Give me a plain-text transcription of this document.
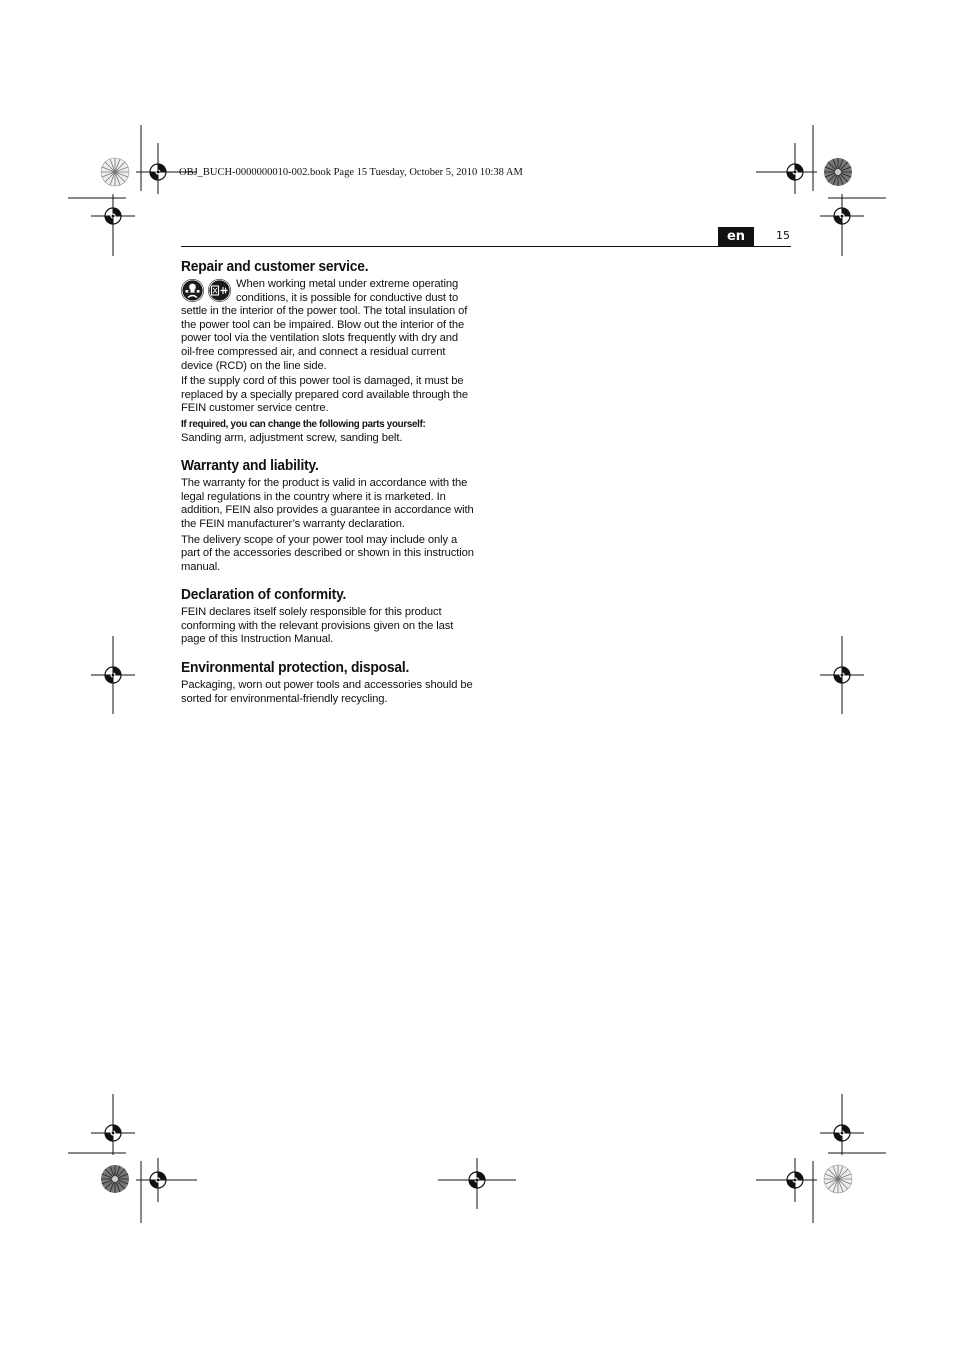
OBJ_BUCH-0000000010-002.book Page 15 Tuesday, October 5, 2010 10:38 AM
en	15
Repair and customer service.

When working metal under extreme operating conditions, it is possible for conductive dust to settle in the interior of the power tool. The total insulation of the power tool can be impaired. Blow out the interior of the power tool via the ventilation slots frequently with dry and oil-free compressed air, and connect a residual current device (RCD) on the line side.

If the supply cord of this power tool is damaged, it must be replaced by a specially prepared cord available through the FEIN customer service centre.

If required, you can change the following parts yourself:

Sanding arm, adjustment screw, sanding belt.

Warranty and liability.

The warranty for the product is valid in accordance with the legal regulations in the country where it is marketed. In addition, FEIN also provides a guarantee in accordance with the FEIN manufacturer’s warranty declaration.

The delivery scope of your power tool may include only a part of the accessories described or shown in this instruction manual.

Declaration of conformity.

FEIN declares itself solely responsible for this product conforming with the relevant provisions given on the last page of this Instruction Manual.

Environmental protection, disposal.

Packaging, worn out power tools and accessories should be sorted for environmental-friendly recycling.
